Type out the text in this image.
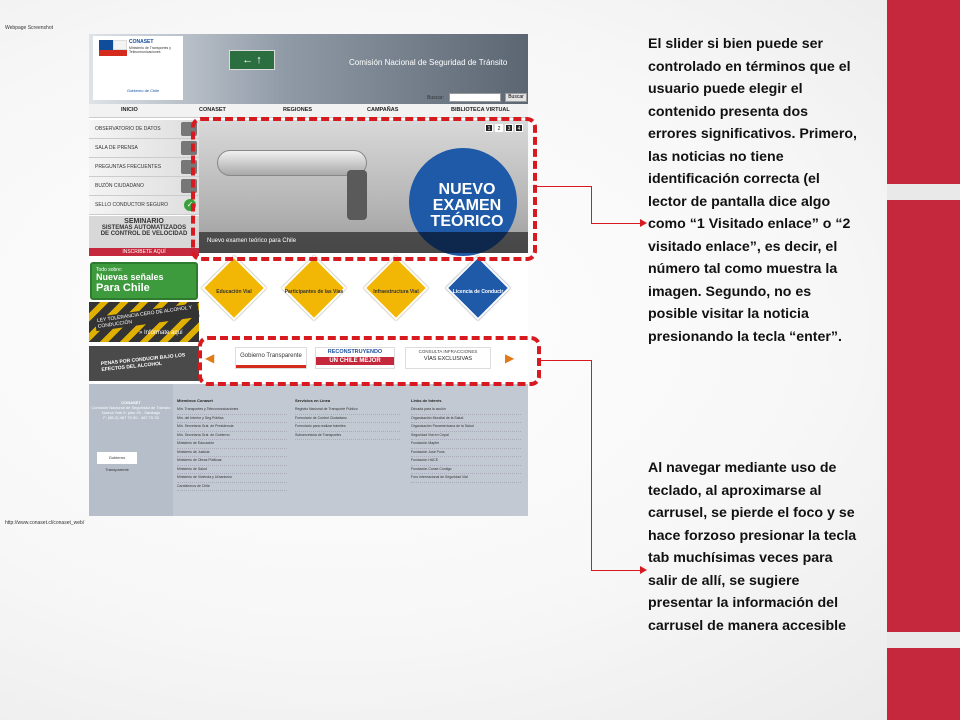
Webpage Screenshot
CONASET
Ministerio de Transportes y Telecomunicaciones
Gobierno de Chile
← ↑	Comisión Nacional de Seguridad de Tránsito
Buscar:	Buscar
INICIO	CONASET	REGIONES	CAMPAÑAS	BIBLIOTECA VIRTUAL
OBSERVATORIO DE DATOS
SALA DE PRENSA
PREGUNTAS FRECUENTES
BUZÓN CIUDADANO
SELLO CONDUCTOR SEGURO	✓
SEMINARIO
SISTEMAS AUTOMATIZADOS
DE CONTROL DE VELOCIDAD
INSCRIBETE AQUÍ
Todo sobre:
Nuevas señales
Para Chile
LEY TOLERANCIA CERO DE ALCOHOL Y CONDUCCIÓN
» Infórmate aquí
PENAS POR CONDUCIR BAJO LOS EFECTOS DEL ALCOHOL
NUEVO
EXAMEN
TEÓRICO
1	2	3	4
Nuevo examen teórico para Chile
Educación Vial	Participantes de las Vías	Infraestructura Vial	Licencia de Conducir
◀	Gobierno Transparente
RECONSTRUYENDO
UN CHILE MEJOR
CONSULTA INFRACCIONES
VÍAS EXCLUSIVAS	▶
CONASET
Comisión Nacional de Seguridad de Tránsito
Nueva York 9, piso 29 - Santiago
F: (56-2) 467 70 00 - 467 70 33
Gobierno Transparente
Miembros Conaset
Min. Transportes y Telecomunicaciones
Min. del Interior y Seg.Pública
Min. Secretaría Gral. de Presidencia
Min. Secretaría Gral. de Gobierno
Ministerio de Educación
Ministerio de Justicia
Ministerio de Obras Públicas
Ministerio de Salud
Ministerio de Vivienda y Urbanismo
Carabineros de Chile
Servicios en Línea
Registro Nacional de Transporte Público
Formulario de Control Ciudadano
Formulario para realizar trámites
Subsecretaría de Transportes
Links de Interés
Década para la acción
Organización Mundial de la Salud
Organización Panamericana de la Salud
Seguridad Vial en Cepal
Fundación Mapfre
Fundación José Pons
Fundación HACE
Fundación Conse Contigo
Foro Internacional de Seguridad Vial
http://www.conaset.cl/conaset_web/
El slider si bien puede ser controlado en términos que el usuario puede elegir el contenido presenta dos errores significativos. Primero, las noticias no tiene identificación correcta (el lector de pantalla dice algo como “1 Visitado enlace” o “2 visitado enlace”, es decir, el número tal como muestra la imagen. Segundo, no es posible visitar la noticia presionando la tecla “enter”.
Al navegar mediante uso de teclado, al aproximarse al carrusel, se pierde el foco y se hace forzoso presionar la tecla tab muchísimas veces para salir de allí, se sugiere presentar la información del carrusel de manera accesible
